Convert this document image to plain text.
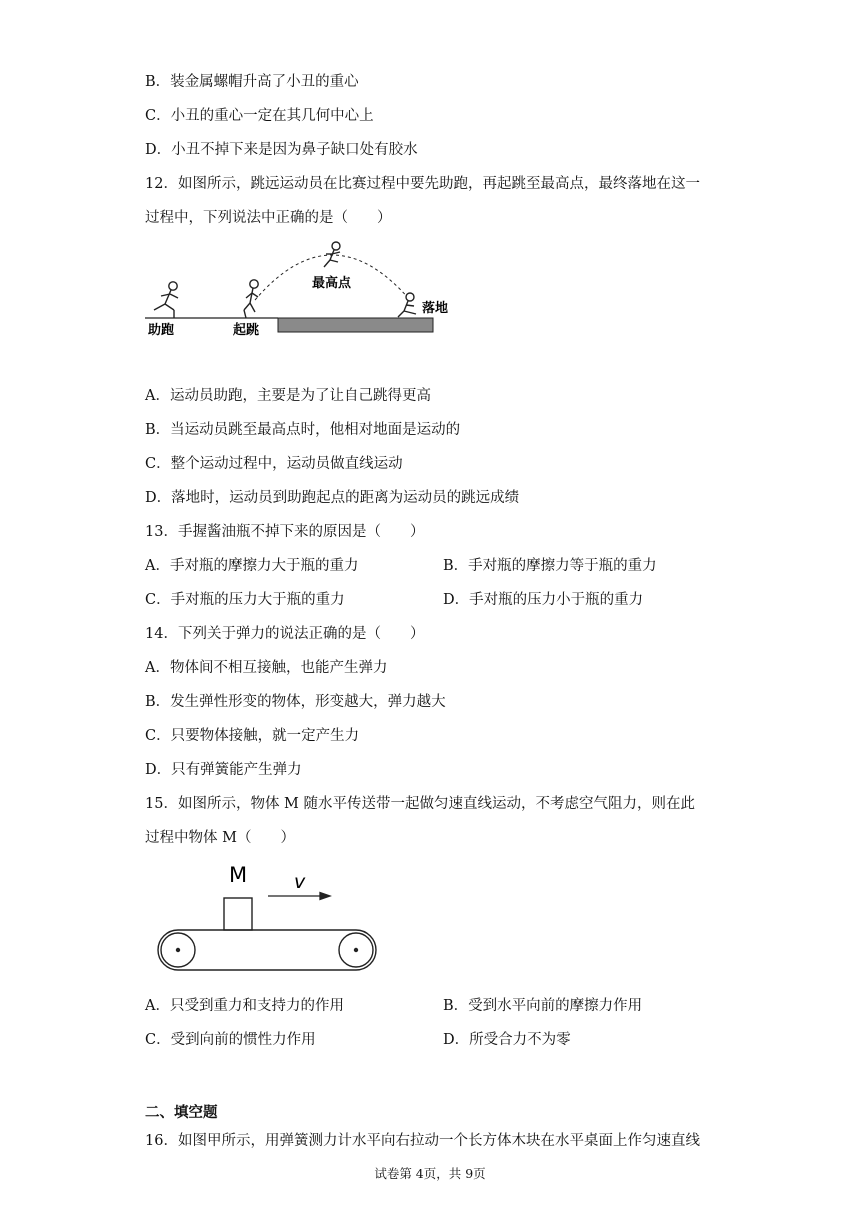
B．装金属螺帽升高了小丑的重心
C．小丑的重心一定在其几何中心上
D．小丑不掉下来是因为鼻子缺口处有胶水
12．如图所示，跳远运动员在比赛过程中要先助跑，再起跳至最高点，最终落地在这一
过程中，下列说法中正确的是（　　）
助跑	起跳
最高点
落地
A．运动员助跑，主要是为了让自己跳得更高
B．当运动员跳至最高点时，他相对地面是运动的
C．整个运动过程中，运动员做直线运动
D．落地时，运动员到助跑起点的距离为运动员的跳远成绩
13．手握酱油瓶不掉下来的原因是（　　）
A．手对瓶的摩擦力大于瓶的重力	B．手对瓶的摩擦力等于瓶的重力
C．手对瓶的压力大于瓶的重力	D．手对瓶的压力小于瓶的重力
14．下列关于弹力的说法正确的是（　　）
A．物体间不相互接触，也能产生弹力
B．发生弹性形变的物体，形变越大，弹力越大
C．只要物体接触，就一定产生力
D．只有弹簧能产生弹力
15．如图所示，物体 M 随水平传送带一起做匀速直线运动，不考虑空气阻力，则在此
过程中物体 M（　　）
M v
A．只受到重力和支持力的作用	B．受到水平向前的摩擦力作用
C．受到向前的惯性力作用	D．所受合力不为零
二、填空题
16．如图甲所示，用弹簧测力计水平向右拉动一个长方体木块在水平桌面上作匀速直线
试卷第 4页，共 9页
